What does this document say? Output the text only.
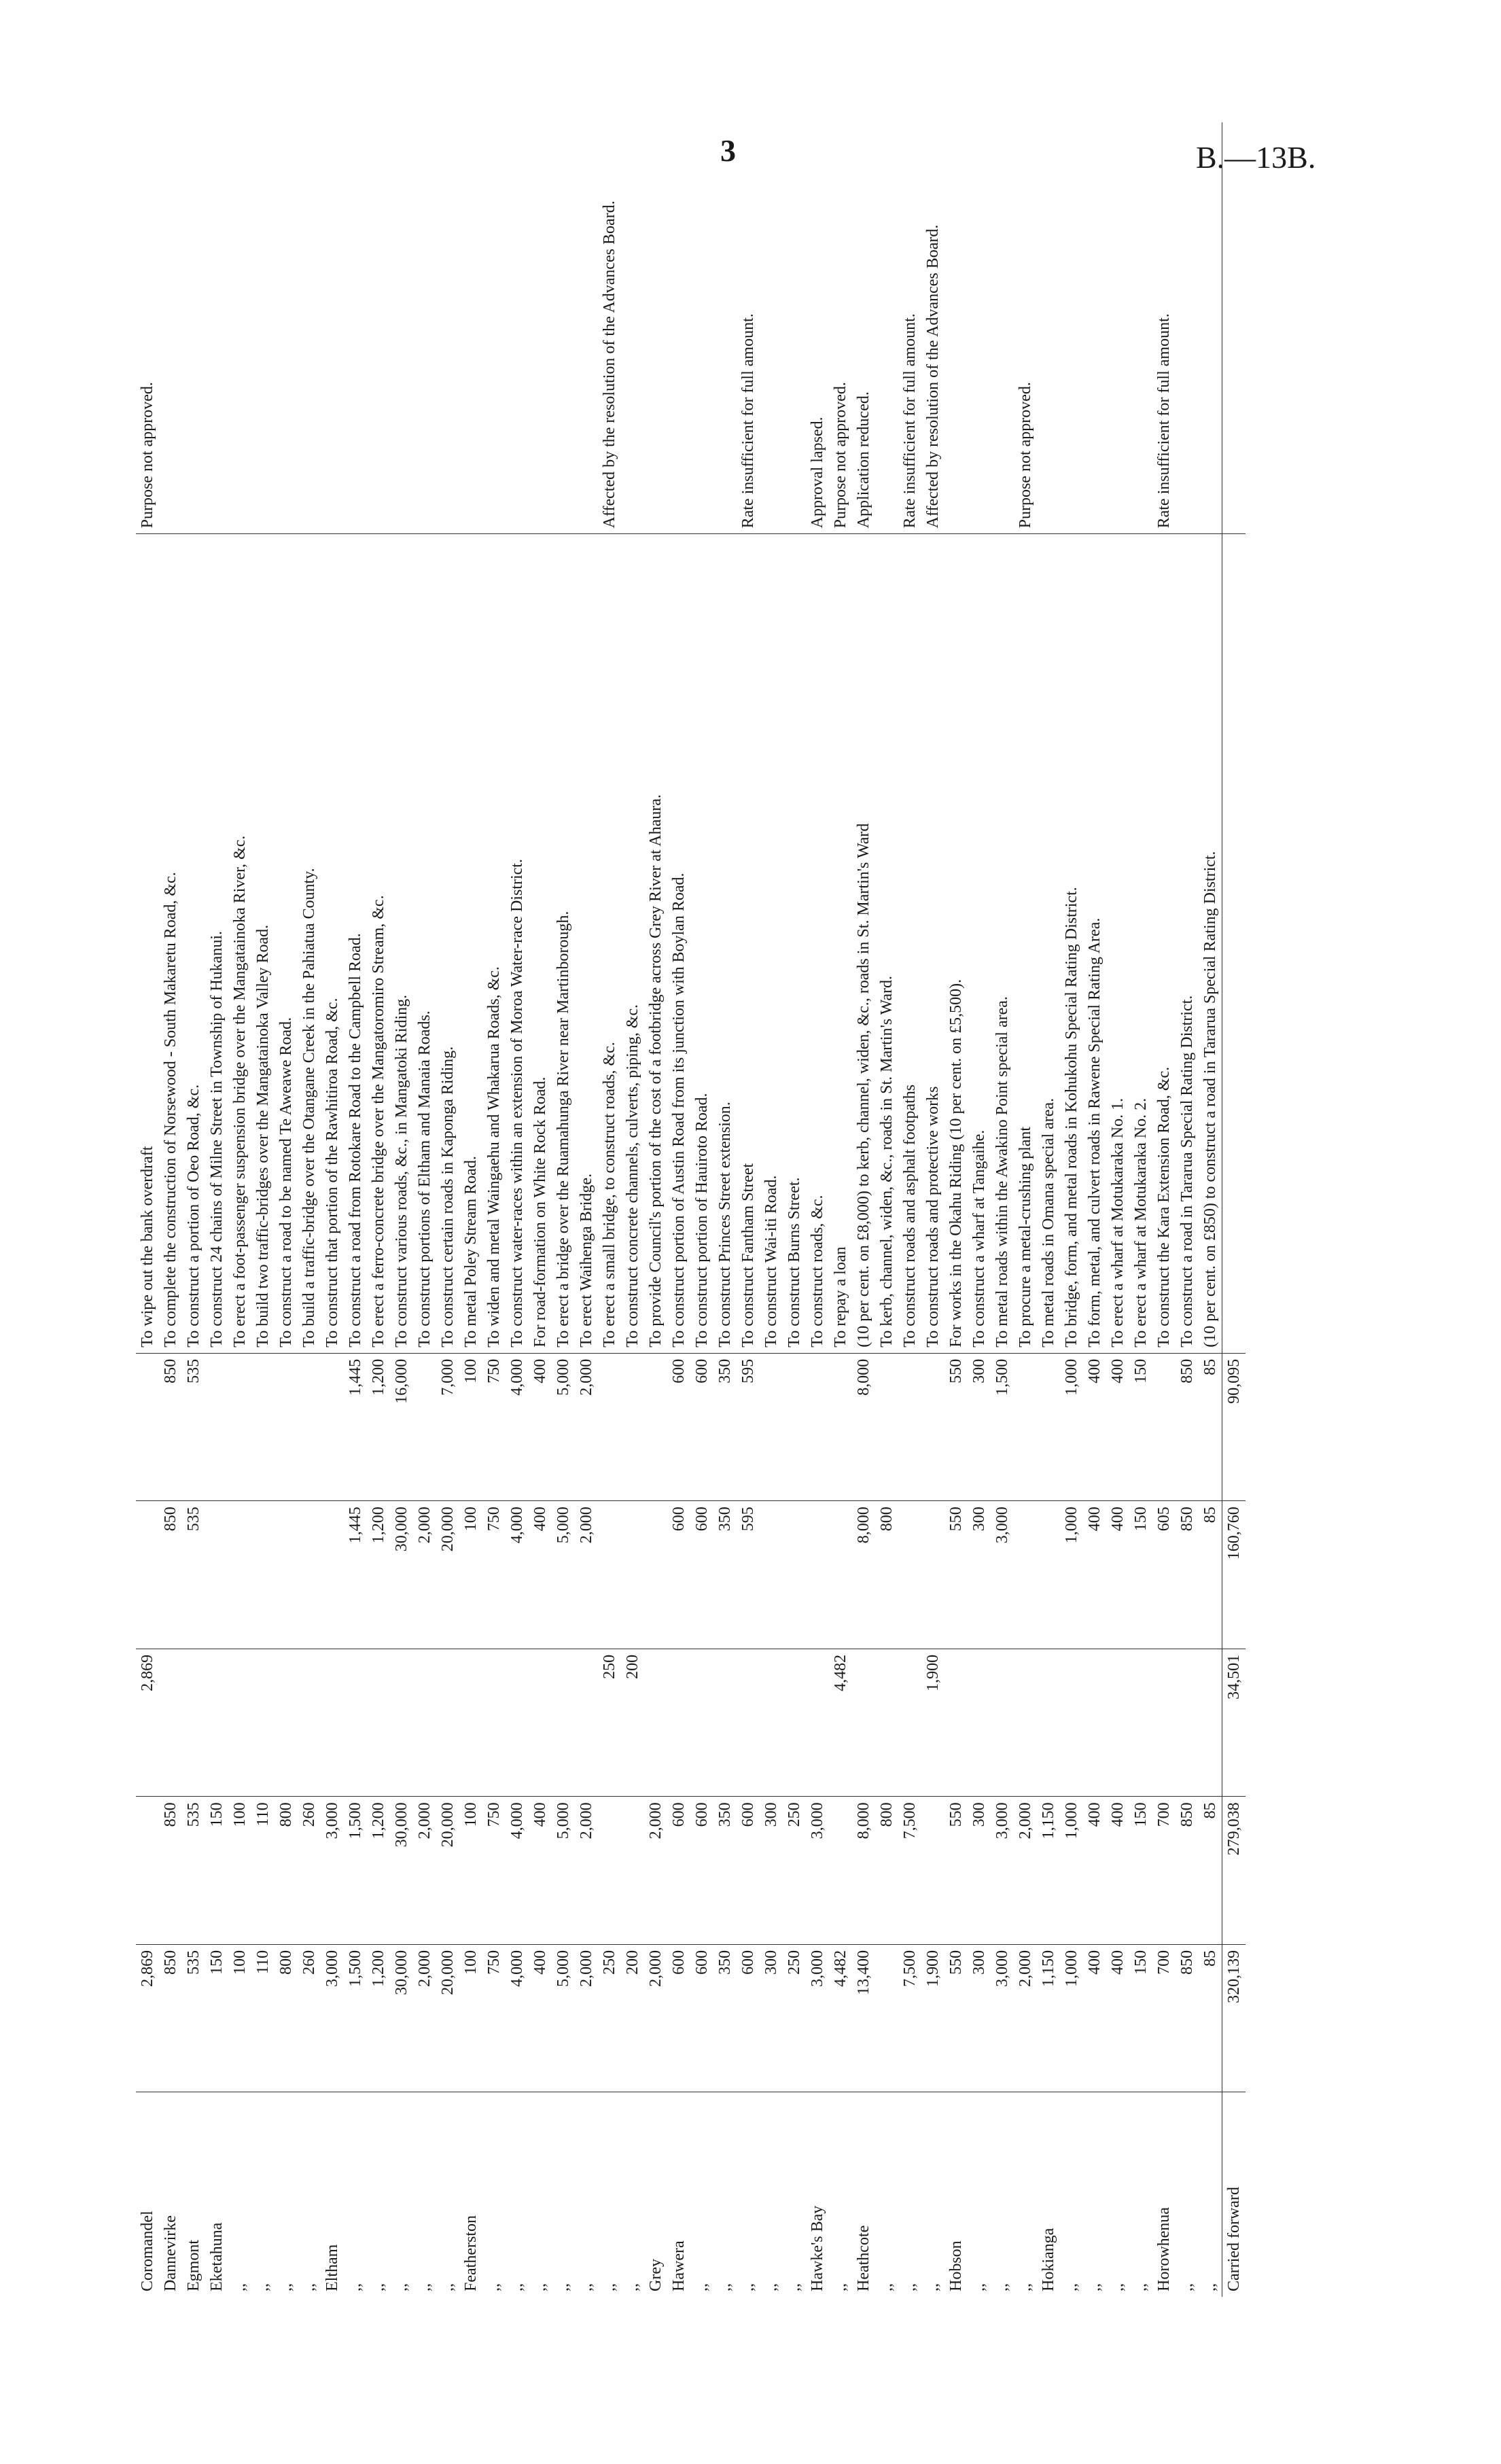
3	B.—13B.
Coromandel	2,869		2,869			To wipe out the bank overdraft	Purpose not approved.
Dannevirke	850	850		850	850	To complete the construction of Norsewood - South Makaretu Road, &c.	
Egmont	535	535		535	535	To construct a portion of Oeo Road, &c.	
Eketahuna	150	150				To construct 24 chains of Milne Street in Township of Hukanui.	
,,	100	100				To erect a foot-passenger suspension bridge over the Mangatainoka River, &c.	
,,	110	110				To build two traffic-bridges over the Mangatainoka Valley Road.	
,,	800	800				To construct a road to be named Te Aweawe Road.	
,,	260	260				To build a traffic-bridge over the Otangane Creek in the Pahiatua County.	
Eltham	3,000	3,000				To construct that portion of the Rawhitiroa Road, &c.	
,,	1,500	1,500		1,445	1,445	To construct a road from Rotokare Road to the Campbell Road.	
,,	1,200	1,200		1,200	1,200	To erect a ferro-concrete bridge over the Mangatoromiro Stream, &c.	
,,	30,000	30,000		30,000	16,000	To construct various roads, &c., in Mangatoki Riding.	
,,	2,000	2,000		2,000		To construct portions of Eltham and Manaia Roads.	
,,	20,000	20,000		20,000	7,000	To construct certain roads in Kaponga Riding.	
Featherston	100	100		100	100	To metal Poley Stream Road.	
,,	750	750		750	750	To widen and metal Waingaehu and Whakaruа Roads, &c.	
,,	4,000	4,000		4,000	4,000	To construct water-races within an extension of Moroa Water-race District.	
,,	400	400		400	400	For road-formation on White Rock Road.	
,,	5,000	5,000		5,000	5,000	To erect a bridge over the Ruamahunga River near Martinborough.	
,,	2,000	2,000		2,000	2,000	To erect Waihenga Bridge.	
,,	250		250			To erect a small bridge, to construct roads, &c.	Affected by the resolution of the Advances Board.
,,	200		200			To construct concrete channels, culverts, piping, &c.	
Grey	2,000	2,000				To provide Council's portion of the cost of a footbridge across Grey River at Ahaura.	
Hawera	600	600		600	600	To construct portion of Austin Road from its junction with Boylan Road.	
,,	600	600		600	600	To construct portion of Hauiroto Road.	
,,	350	350		350	350	To construct Princes Street extension.	
,,	600	600		595	595	To construct Fantham Street	Rate insufficient for full amount.
,,	300	300				To construct Wai-iti Road.	
,,	250	250				To construct Burns Street.	
Hawke's Bay	3,000	3,000				To construct roads, &c.	Approval lapsed.
,,	4,482		4,482			To repay a loan	Purpose not approved.
Heathcote	13,400	8,000		8,000	8,000	(10 per cent. on £8,000) to kerb, channel, widen, &c., roads in St. Martin's Ward	Application reduced.
,,		800		800		To kerb, channel, widen, &c., roads in St. Martin's Ward.	
,,	7,500	7,500				To construct roads and asphalt footpaths	Rate insufficient for full amount.
,,	1,900		1,900			To construct roads and protective works	Affected by resolution of the Advances Board.
Hobson	550	550		550	550	For works in the Okahu Riding (10 per cent. on £5,500).	
,,	300	300		300	300	To construct a wharf at Tangaihe.	
,,	3,000	3,000		3,000	1,500	To metal roads within the Awakino Point special area.	
,,	2,000	2,000				To procure a metal-crushing plant	Purpose not approved.
Hokianga	1,150	1,150				To metal roads in Omana special area.	
,,	1,000	1,000		1,000	1,000	To bridge, form, and metal roads in Kohukohu Special Rating District.	
,,	400	400		400	400	To form, metal, and culvert roads in Rawene Special Rating Area.	
,,	400	400		400	400	To erect a wharf at Motukaraka No. 1.	
,,	150	150		150	150	To erect a wharf at Motukaraka No. 2.	
Horowhenua	700	700		605		To construct the Kara Extension Road, &c.	Rate insufficient for full amount.
,,	850	850		850	850	To construct a road in Tararua Special Rating District.	
,,	85	85		85	85	(10 per cent. on £850) to construct a road in Tararua Special Rating District.	
Carried forward	320,139	279,038	34,501	160,760	90,095		
